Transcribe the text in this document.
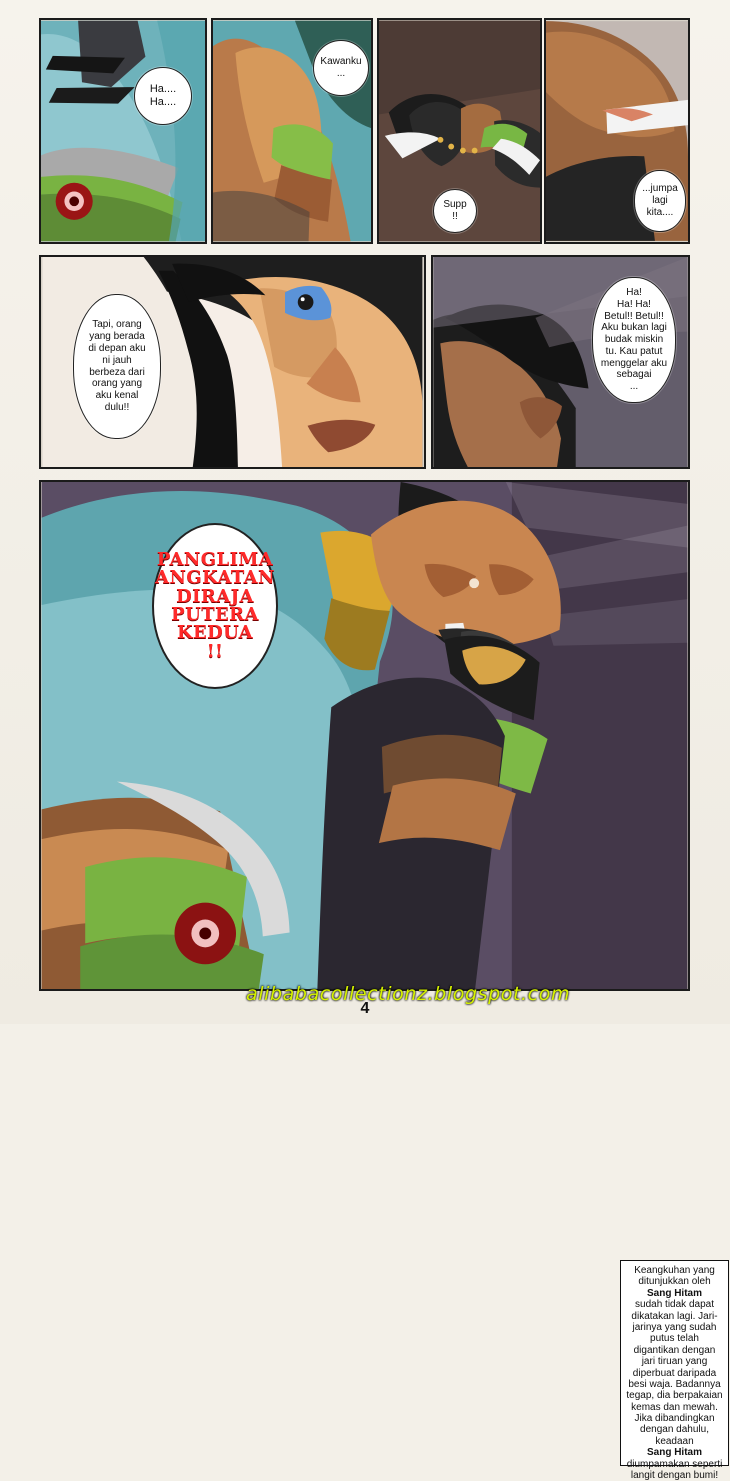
Ha....
Ha....
Kawanku
...
Supp
!!
...jumpa
lagi
kita....
Tapi, orang
yang berada
di depan aku
ni jauh
berbeza dari
orang yang
aku kenal
dulu!!
Ha!
Ha! Ha!
Betul!! Betul!!
Aku bukan lagi
budak miskin
tu. Kau patut
menggelar aku
sebagai
...
alibabacollectionz.blogspot.com
PANGLIMA
ANGKATAN
DIRAJA
PUTERA
KEDUA
!!
Keangkuhan yang ditunjukkan oleh
Sang Hitam
sudah tidak dapat dikatakan lagi. Jari-jarinya yang sudah putus telah digantikan dengan jari tiruan yang diperbuat daripada besi waja. Badannya tegap, dia berpakaian kemas dan mewah. Jika dibandingkan dengan dahulu, keadaan
Sang Hitam
diumpamakan seperti langit dengan bumi!
4
